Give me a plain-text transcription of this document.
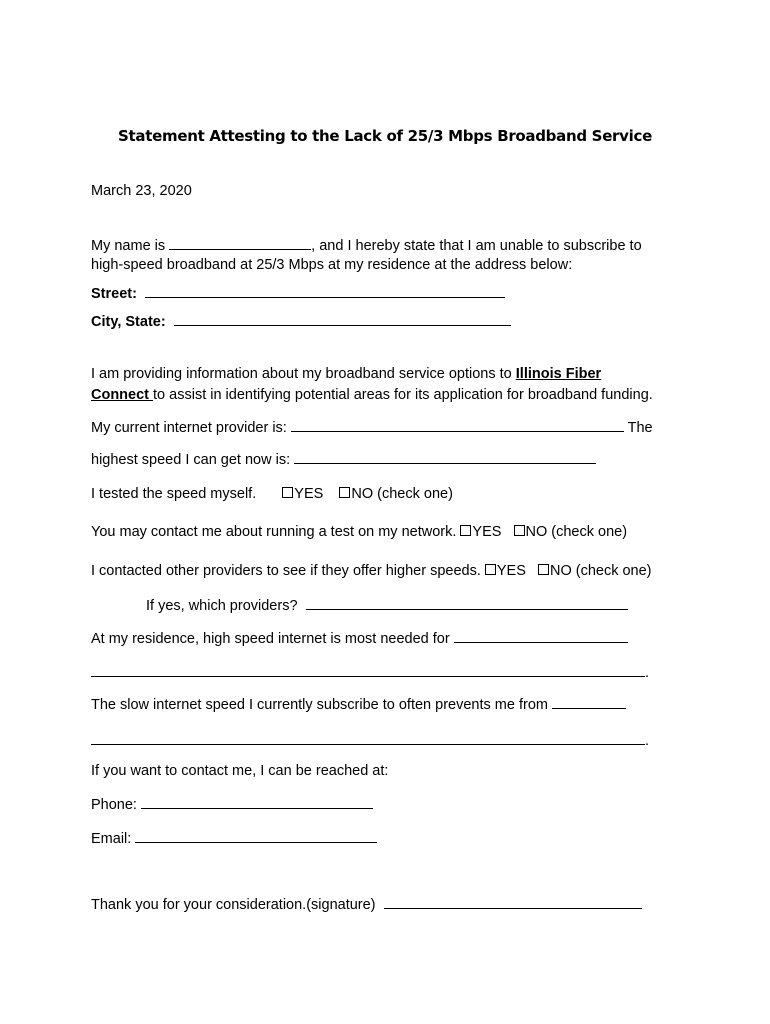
Statement Attesting to the Lack of 25/3 Mbps Broadband Service
March 23, 2020
My name is	, and I hereby state that I am unable to subscribe to
high-speed broadband at 25/3 Mbps at my residence at the address below:
Street:
City, State:
I am providing information about my broadband service options to Illinois Fiber
Connect to assist in identifying potential areas for its application for broadband funding.
My current internet provider is:	The
highest speed I can get now is:
I tested the speed myself.	YES NO (check one)
You may contact me about running a test on my network. YES NO (check one)
I contacted other providers to see if they offer higher speeds. YES NO (check one)
If yes, which providers?
At my residence, high speed internet is most needed for
.
The slow internet speed I currently subscribe to often prevents me from
.
If you want to contact me, I can be reached at:
Phone:
Email:
Thank you for your consideration.(signature)
